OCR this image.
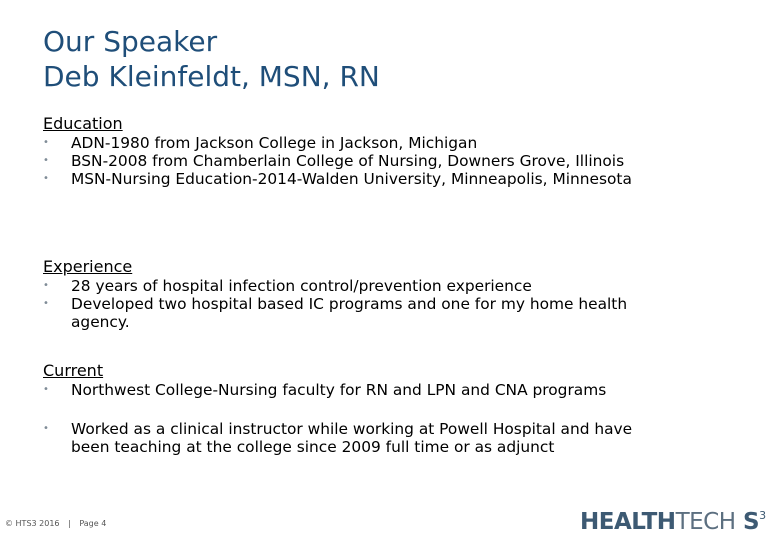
Our Speaker
Deb Kleinfeldt, MSN, RN
Education
• ADN-1980 from Jackson College in Jackson, Michigan
• BSN-2008 from Chamberlain College of Nursing, Downers Grove, Illinois
• MSN-Nursing Education-2014-Walden University, Minneapolis, Minnesota
Experience
• 28 years of hospital infection control/prevention experience
• Developed two hospital based IC programs and one for my home health agency.
Current
• Northwest College-Nursing faculty for RN and LPN and CNA programs
• Worked as a clinical instructor while working at Powell Hospital and have been teaching at the college since 2009 full time or as adjunct
© HTS3 2016 | Page 4	HEALTHTECH $S^3$
